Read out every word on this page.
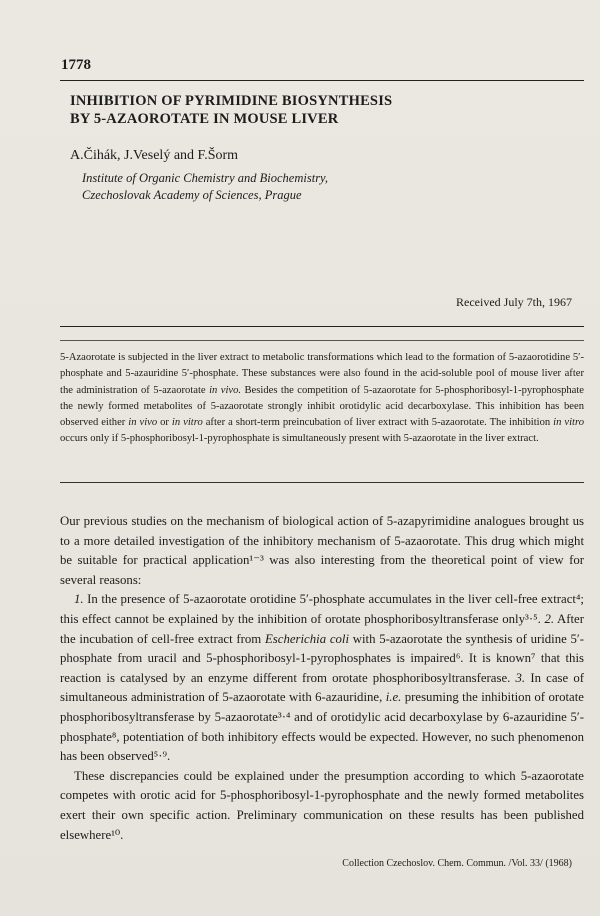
1778
INHIBITION OF PYRIMIDINE BIOSYNTHESIS
BY 5-AZAOROTATE IN MOUSE LIVER
A.Čihák, J.Veselý and F.Šorm
Institute of Organic Chemistry and Biochemistry,
Czechoslovak Academy of Sciences, Prague
Received July 7th, 1967
5-Azaorotate is subjected in the liver extract to metabolic transformations which lead to the formation of 5-azaorotidine 5′-phosphate and 5-azauridine 5′-phosphate. These substances were also found in the acid-soluble pool of mouse liver after the administration of 5-azaorotate in vivo. Besides the competition of 5-azaorotate for 5-phosphoribosyl-1-pyrophosphate the newly formed metabolites of 5-azaorotate strongly inhibit orotidylic acid decarboxylase. This inhibition has been observed either in vivo or in vitro after a short-term preincubation of liver extract with 5-azaorotate. The inhibition in vitro occurs only if 5-phosphoribosyl-1-pyrophosphate is simultaneously present with 5-azaorotate in the liver extract.

Our previous studies on the mechanism of biological action of 5-azapyrimidine analogues brought us to a more detailed investigation of the inhibitory mechanism of 5-azaorotate. This drug which might be suitable for practical application¹⁻³ was also interesting from the theoretical point of view for several reasons:

1. In the presence of 5-azaorotate orotidine 5′-phosphate accumulates in the liver cell-free extract⁴; this effect cannot be explained by the inhibition of orotate phosphoribosyltransferase only³·⁵. 2. After the incubation of cell-free extract from Escherichia coli with 5-azaorotate the synthesis of uridine 5′-phosphate from uracil and 5-phosphoribosyl-1-pyrophosphates is impaired⁶. It is known⁷ that this reaction is catalysed by an enzyme different from orotate phosphoribosyltransferase. 3. In case of simultaneous administration of 5-azaorotate with 6-azauridine, i.e. presuming the inhibition of orotate phosphoribosyltransferase by 5-azaorotate³·⁴ and of orotidylic acid decarboxylase by 6-azauridine 5′-phosphate⁸, potentiation of both inhibitory effects would be expected. However, no such phenomenon has been observed⁵·⁹.

These discrepancies could be explained under the presumption according to which 5-azaorotate competes with orotic acid for 5-phosphoribosyl-1-pyrophosphate and the newly formed metabolites exert their own specific action. Preliminary communication on these results has been published elsewhere¹⁰.

Collection Czechoslov. Chem. Commun. /Vol. 33/ (1968)
